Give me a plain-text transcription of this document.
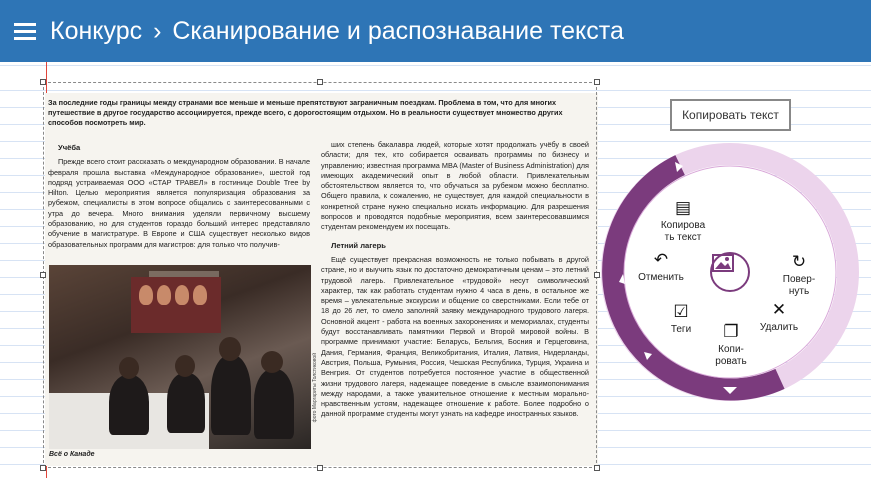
Конкурс › Сканирование и распознавание текста
За последние годы границы между странами все меньше и меньше препятствуют заграничным поездкам. Проблема в том, что для многих путешествие в другое государство ассоциируется, прежде всего, с дорогостоящим отдыхом. Но в реальности существует множество других способов посмотреть мир.
Учёба

Прежде всего стоит рассказать о международном образовании. В начале февраля прошла выставка «Международное образование», шестой год подряд устраиваемая ООО «СТАР ТРАВЕЛ» в гостинице Double Tree by Hilton. Целью мероприятия является популяризация образования за рубежом, специалисты в этом вопросе общались с заинтересованными с утра до вечера. Много внимания уделяли первичному высшему образованию, но для студентов гораздо больший интерес представляло обучение в магистратуре. В Европе и США существует несколько видов образовательных программ для магистров: для только что получив-

ших степень бакалавра людей, которые хотят продолжать учёбу в своей области; для тех, кто собирается осваивать программы по бизнесу и управлению; известная программа MBA (Master of Business Administration) для имеющих академический опыт в любой области. Привлекательным обстоятельством является то, что обучаться за рубежом можно бесплатно. Общего правила, к сожалению, не существует, для каждой специальности в конкретной стране нужно специально искать информацию. Для разрешения вопросов и проводятся подобные мероприятия, всем заинтересовавшимся студентам рекомендуем их посещать.

Летний лагерь

Ещё существует прекрасная возможность не только побывать в другой стране, но и выучить язык по достаточно демократичным ценам – это летний трудовой лагерь. Привлекательное «трудовой» несут символический характер, так как работать студентам нужно 4 часа в день, в остальное же время – увлекательные экскурсии и общение со сверстниками. Если тебе от 18 до 26 лет, то смело заполняй заявку международного трудового лагеря. Основной акцент - работа на военных захоронениях и мемориалах, студенты будут восстанавливать памятники Первой и Второй мировой войны. В программе принимают участие: Беларусь, Бельгия, Босния и Герцеговина, Дания, Германия, Франция, Великобритания, Италия, Латвия, Нидерланды, Австрия, Польша, Румыния, Россия, Чешская Республика, Турция, Украина и Венгрия. От студентов потребуется постоянное участие в общественной жизни трудового лагеря, надежащее поведение в смысле взаимопонимания между народами, а также уважительное отношение к местным морально-нравственным устоям, надежащее отношение к работе. Более подробно о данной программе студенты могут узнать на кафедре иностранных языков.

фото Маргариты Толстиковой
Всё о Канаде
Копировать текст
▤
Копирова
ть текст
↶
Отменить
↻
Повер-
нуть
☑
Теги
✕
Удалить
❐
Копи-
ровать
